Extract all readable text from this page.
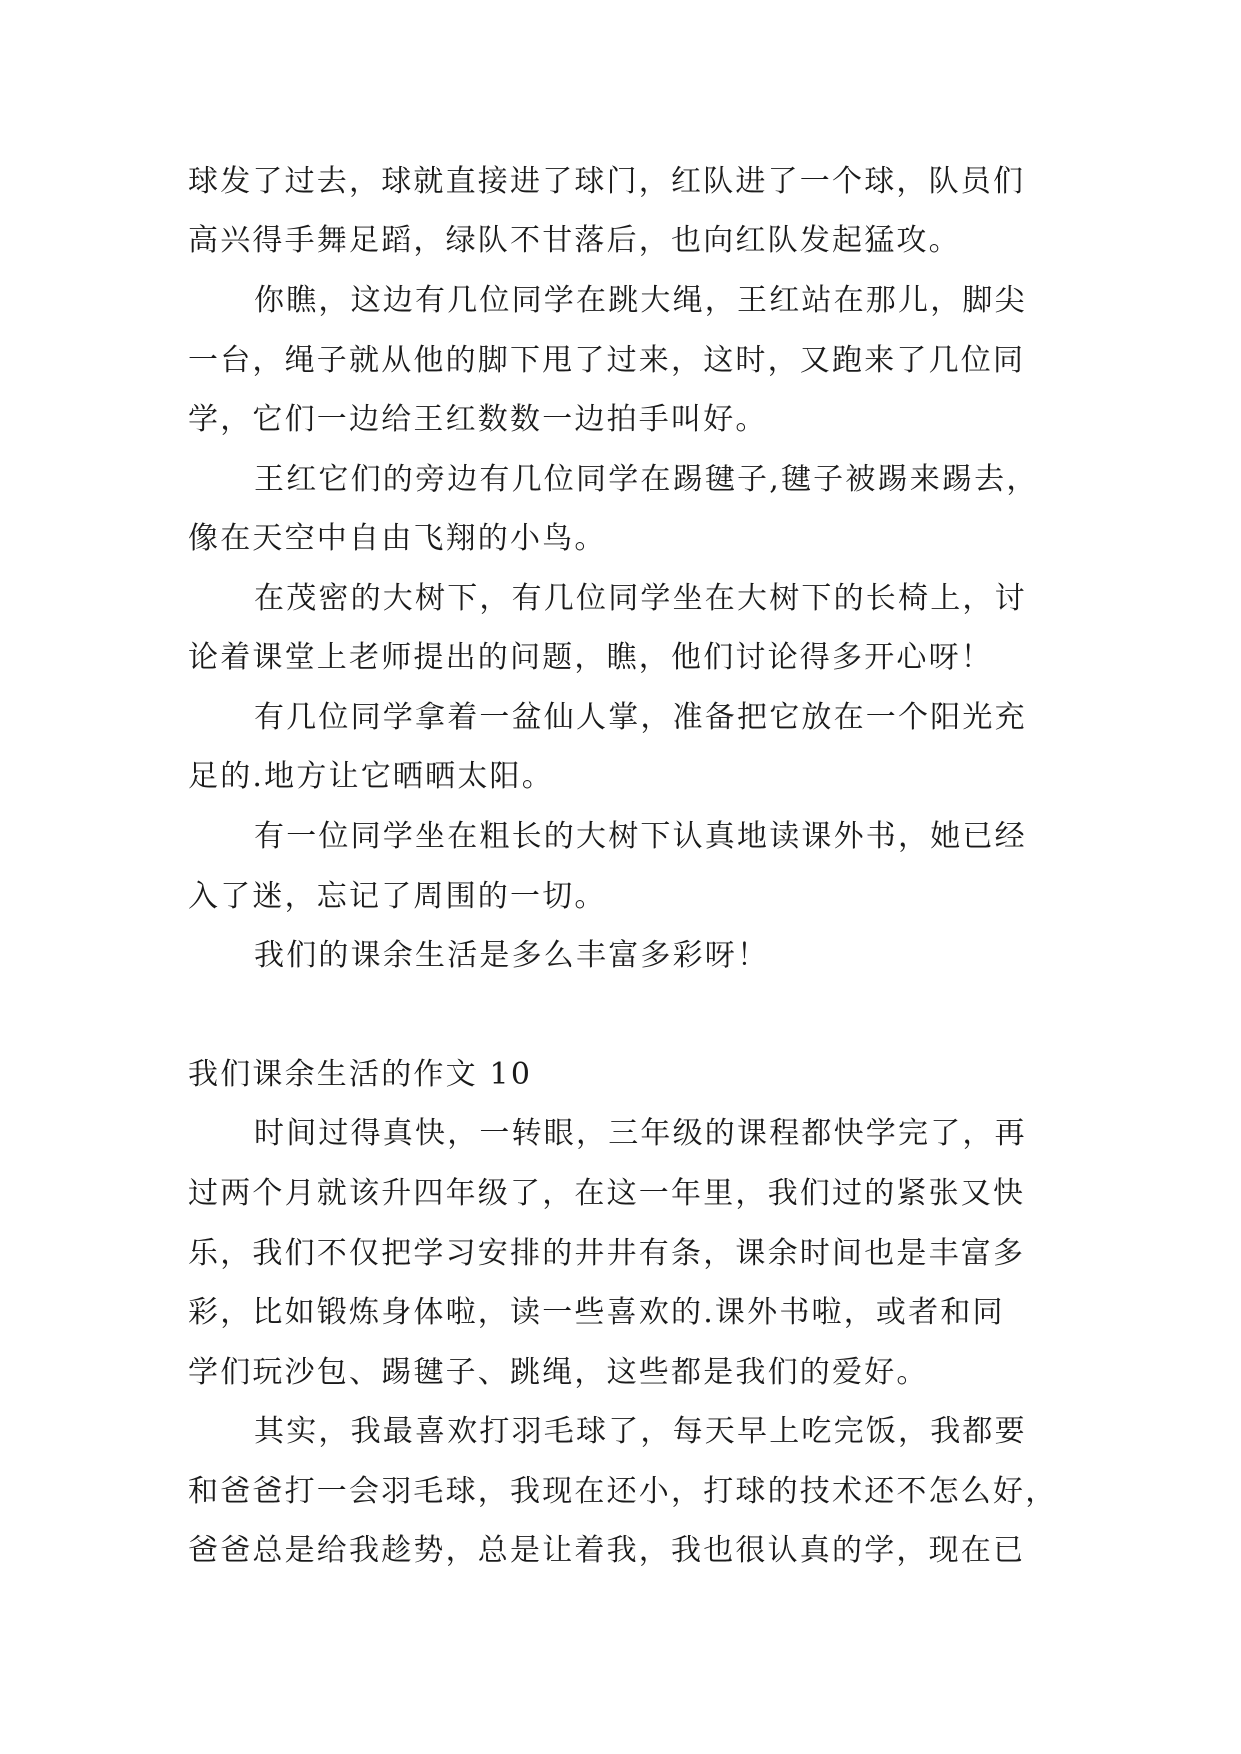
球发了过去，球就直接进了球门，红队进了一个球，队员们
高兴得手舞足蹈，绿队不甘落后，也向红队发起猛攻。
你瞧，这边有几位同学在跳大绳，王红站在那儿，脚尖
一台，绳子就从他的脚下甩了过来，这时，又跑来了几位同
学，它们一边给王红数数一边拍手叫好。
王红它们的旁边有几位同学在踢毽子,毽子被踢来踢去，
像在天空中自由飞翔的小鸟。
在茂密的大树下，有几位同学坐在大树下的长椅上，讨
论着课堂上老师提出的问题，瞧，他们讨论得多开心呀！
有几位同学拿着一盆仙人掌，准备把它放在一个阳光充
足的.地方让它晒晒太阳。
有一位同学坐在粗长的大树下认真地读课外书，她已经
入了迷，忘记了周围的一切。
我们的课余生活是多么丰富多彩呀！
我们课余生活的作文 10
时间过得真快，一转眼，三年级的课程都快学完了，再
过两个月就该升四年级了，在这一年里，我们过的紧张又快
乐，我们不仅把学习安排的井井有条，课余时间也是丰富多
彩，比如锻炼身体啦，读一些喜欢的.课外书啦，或者和同
学们玩沙包、踢毽子、跳绳，这些都是我们的爱好。
其实，我最喜欢打羽毛球了，每天早上吃完饭，我都要
和爸爸打一会羽毛球，我现在还小，打球的技术还不怎么好，
爸爸总是给我趁势，总是让着我，我也很认真的学，现在已
